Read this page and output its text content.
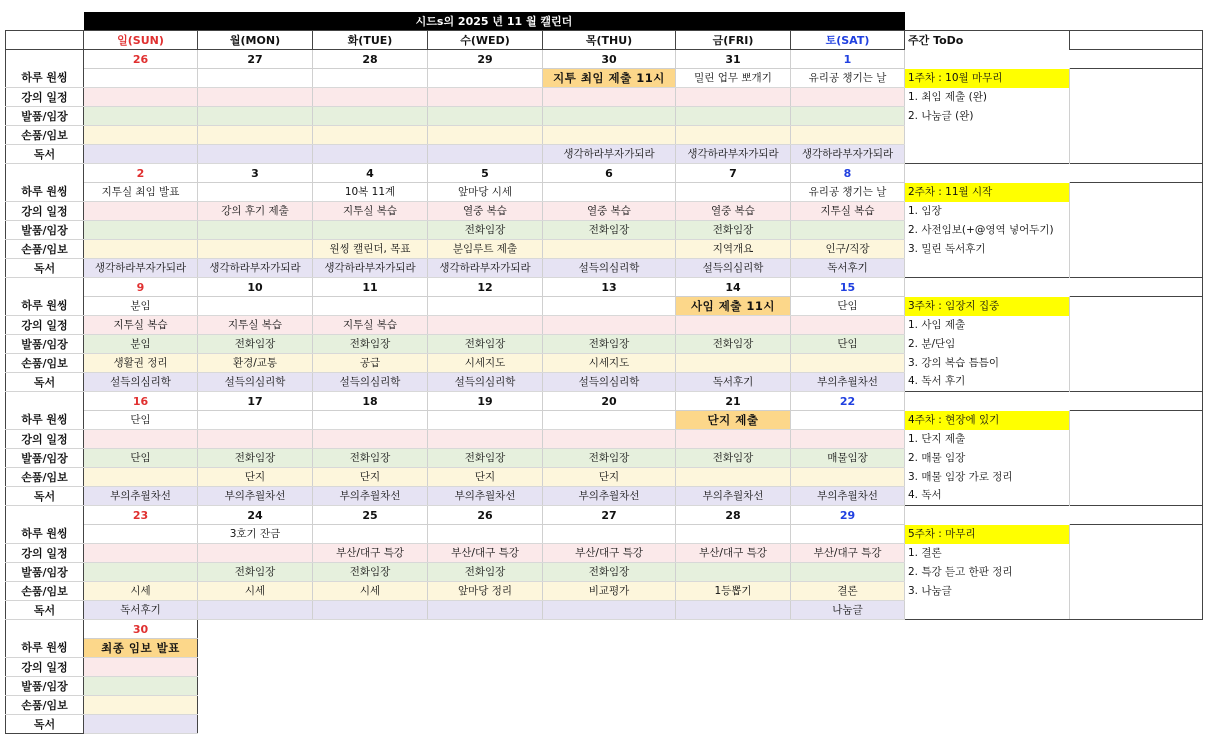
	시드s의 2025 년 11 월 캘린더								
	일(SUN)	월(MON)	화(TUE)	수(WED)	목(THU)	금(FRI)	토(SAT)	주간 ToDo	
	26	27	28	29	30	31	1		
하루 원씽					지투 최임 제출 11시	밀린 업무 뽀개기	유리공 챙기는 날	1주차 : 10월 마무리	
강의 일정								1. 최임 제출 (완)	
발품/임장								2. 나눔글 (완)	
손품/임보									
독서					생각하라부자가되라	생각하라부자가되라	생각하라부자가되라		
	2	3	4	5	6	7	8		
하루 원씽	지투실 최임 발표		10복 11계	앞마당 시세			유리공 챙기는 날	2주차 : 11월 시작	
강의 일정		강의 후기 제출	지투실 복습	열중 복습	열중 복습	열중 복습	지투실 복습	1. 임장	
발품/임장				전화임장	전화임장	전화임장		2. 사전임보(+@영역 넣어두기)	
손품/임보			원씽 캘린더, 목표	분임루트 제출		지역개요	인구/직장	3. 밀린 독서후기	
독서	생각하라부자가되라	생각하라부자가되라	생각하라부자가되라	생각하라부자가되라	설득의심리학	설득의심리학	독서후기		
	9	10	11	12	13	14	15		
하루 원씽	분임					사임 제출 11시	단임	3주차 : 임장지 집중	
강의 일정	지투실 복습	지투실 복습	지투실 복습					1. 사임 제출	
발품/임장	분임	전화임장	전화임장	전화임장	전화임장	전화임장	단임	2. 분/단임	
손품/임보	생활권 정리	환경/교통	공급	시세지도	시세지도			3. 강의 복습 틈틈이	
독서	설득의심리학	설득의심리학	설득의심리학	설득의심리학	설득의심리학	독서후기	부의추월차선	4. 독서 후기	
	16	17	18	19	20	21	22		
하루 원씽	단임					단지 제출		4주차 : 현장에 있기	
강의 일정								1. 단지 제출	
발품/임장	단임	전화임장	전화임장	전화임장	전화임장	전화임장	매물임장	2. 매물 임장	
손품/임보		단지	단지	단지	단지			3. 매물 임장 가로 정리	
독서	부의추월차선	부의추월차선	부의추월차선	부의추월차선	부의추월차선	부의추월차선	부의추월차선	4. 독서	
	23	24	25	26	27	28	29		
하루 원씽		3호기 잔금						5주차 : 마무리	
강의 일정			부산/대구 특강	부산/대구 특강	부산/대구 특강	부산/대구 특강	부산/대구 특강	1. 결론	
발품/임장		전화임장	전화임장	전화임장	전화임장			2. 특강 듣고 한판 정리	
손품/임보	시세	시세	시세	앞마당 정리	비교평가	1등뽑기	결론	3. 나눔글	
독서	독서후기						나눔글		
	30								
하루 원씽	최종 임보 발표								
강의 일정									
발품/임장									
손품/임보									
독서									
